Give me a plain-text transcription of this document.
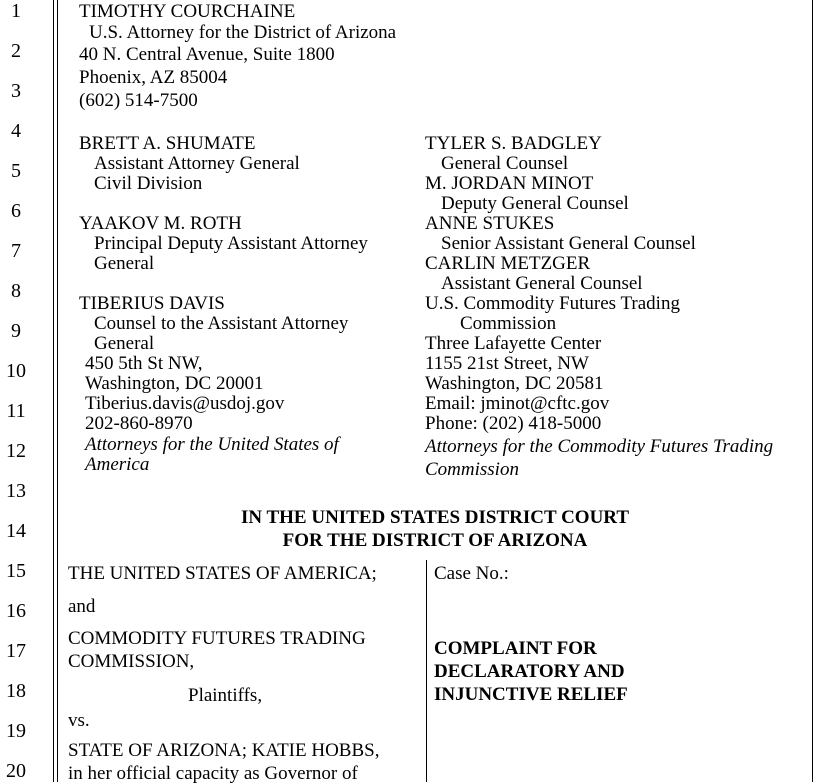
1
2
3
4
5
6
7
8
9
10
11
12
13
14
15
16
17
18
19
20
TIMOTHY COURCHAINE
U.S. Attorney for the District of Arizona
40 N. Central Avenue, Suite 1800
Phoenix, AZ 85004
(602) 514-7500
BRETT A. SHUMATE
Assistant Attorney General
Civil Division
YAAKOV M. ROTH
Principal Deputy Assistant Attorney
General
TIBERIUS DAVIS
Counsel to the Assistant Attorney
General
450 5th St NW,
Washington, DC 20001
Tiberius.davis@usdoj.gov
202-860-8970
Attorneys for the United States of
America
TYLER S. BADGLEY
General Counsel
M. JORDAN MINOT
Deputy General Counsel
ANNE STUKES
Senior Assistant General Counsel
CARLIN METZGER
Assistant General Counsel
U.S. Commodity Futures Trading
Commission
Three Lafayette Center
1155 21st Street, NW
Washington, DC 20581
Email: jminot@cftc.gov
Phone: (202) 418-5000
Attorneys for the Commodity Futures Trading
Commission
IN THE UNITED STATES DISTRICT COURT
FOR THE DISTRICT OF ARIZONA
THE UNITED STATES OF AMERICA;
and
COMMODITY FUTURES TRADING
COMMISSION,
Plaintiffs,
vs.
STATE OF ARIZONA; KATIE HOBBS,
in her official capacity as Governor of
Case No.:
COMPLAINT FOR
DECLARATORY AND
INJUNCTIVE RELIEF
